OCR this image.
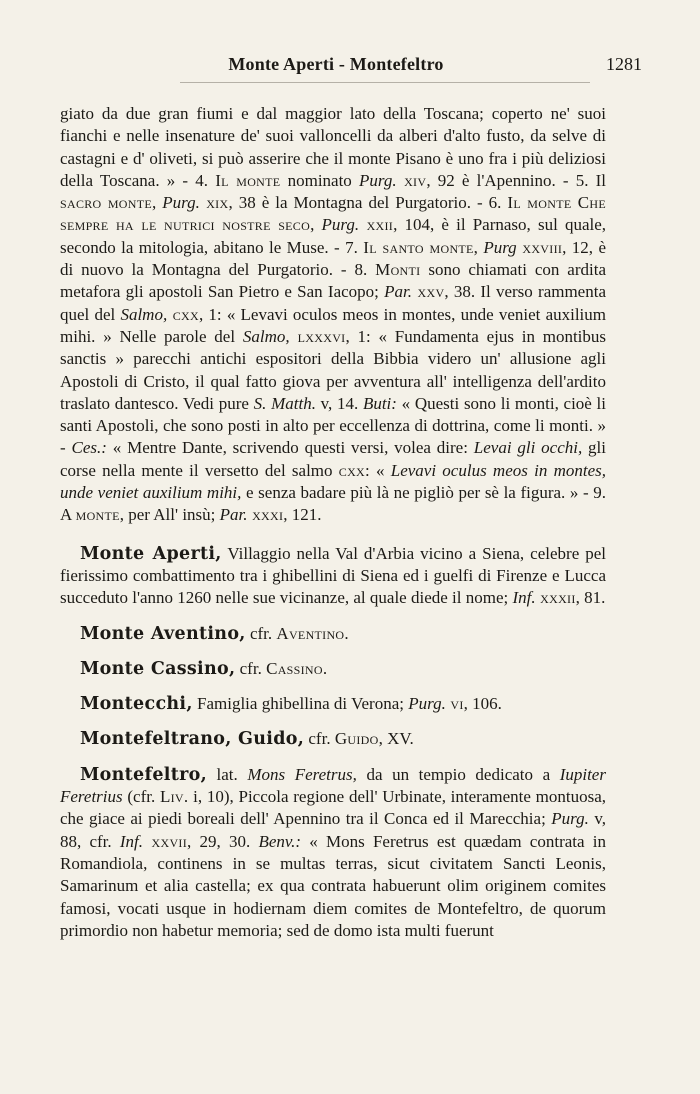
Monte Aperti - Montefeltro	1281

giato da due gran fiumi e dal maggior lato della Toscana; coperto ne' suoi fianchi e nelle insenature de' suoi valloncelli da alberi d'alto fusto, da selve di castagni e d' oliveti, si può asserire che il monte Pisano è uno fra i più deliziosi della Toscana. » - 4. Il monte nominato Purg. xiv, 92 è l'Apennino. - 5. Il sacro monte, Purg. xix, 38 è la Montagna del Purgatorio. - 6. Il monte Che sempre ha le nutrici nostre seco, Purg. xxii, 104, è il Parnaso, sul quale, secondo la mitologia, abitano le Muse. - 7. Il santo monte, Purg xxviii, 12, è di nuovo la Montagna del Purgatorio. - 8. Monti sono chiamati con ardita metafora gli apostoli San Pietro e San Iacopo; Par. xxv, 38. Il verso rammenta quel del Salmo, cxx, 1: « Levavi oculos meos in montes, unde veniet auxilium mihi. » Nelle parole del Salmo, lxxxvi, 1: « Fundamenta ejus in montibus sanctis » parecchi antichi espositori della Bibbia videro un' allusione agli Apostoli di Cristo, il qual fatto giova per avventura all' intelligenza dell'ardito traslato dantesco. Vedi pure S. Matth. v, 14. Buti: « Questi sono li monti, cioè li santi Apostoli, che sono posti in alto per eccellenza di dottrina, come li monti. » - Ces.: « Mentre Dante, scrivendo questi versi, volea dire: Levai gli occhi, gli corse nella mente il versetto del salmo cxx: « Levavi oculus meos in montes, unde veniet auxilium mihi, e senza badare più là ne pigliò per sè la figura. » - 9. A monte, per All' insù; Par. xxxi, 121.

Monte Aperti, Villaggio nella Val d'Arbia vicino a Siena, celebre pel fierissimo combattimento tra i ghibellini di Siena ed i guelfi di Firenze e Lucca succeduto l'anno 1260 nelle sue vicinanze, al quale diede il nome; Inf. xxxii, 81.

Monte Aventino, cfr. Aventino.

Monte Cassino, cfr. Cassino.

Montecchi, Famiglia ghibellina di Verona; Purg. vi, 106.

Montefeltrano, Guido, cfr. Guido, XV.

Montefeltro, lat. Mons Feretrus, da un tempio dedicato a Iupiter Feretrius (cfr. Liv. i, 10), Piccola regione dell' Urbinate, interamente montuosa, che giace ai piedi boreali dell' Apennino tra il Conca ed il Marecchia; Purg. v, 88, cfr. Inf. xxvii, 29, 30. Benv.: « Mons Feretrus est quædam contrata in Romandiola, continens in se multas terras, sicut civitatem Sancti Leonis, Samarinum et alia castella; ex qua contrata habuerunt olim originem comites famosi, vocati usque in hodiernam diem comites de Montefeltro, de quorum primordio non habetur memoria; sed de domo ista multi fuerunt
